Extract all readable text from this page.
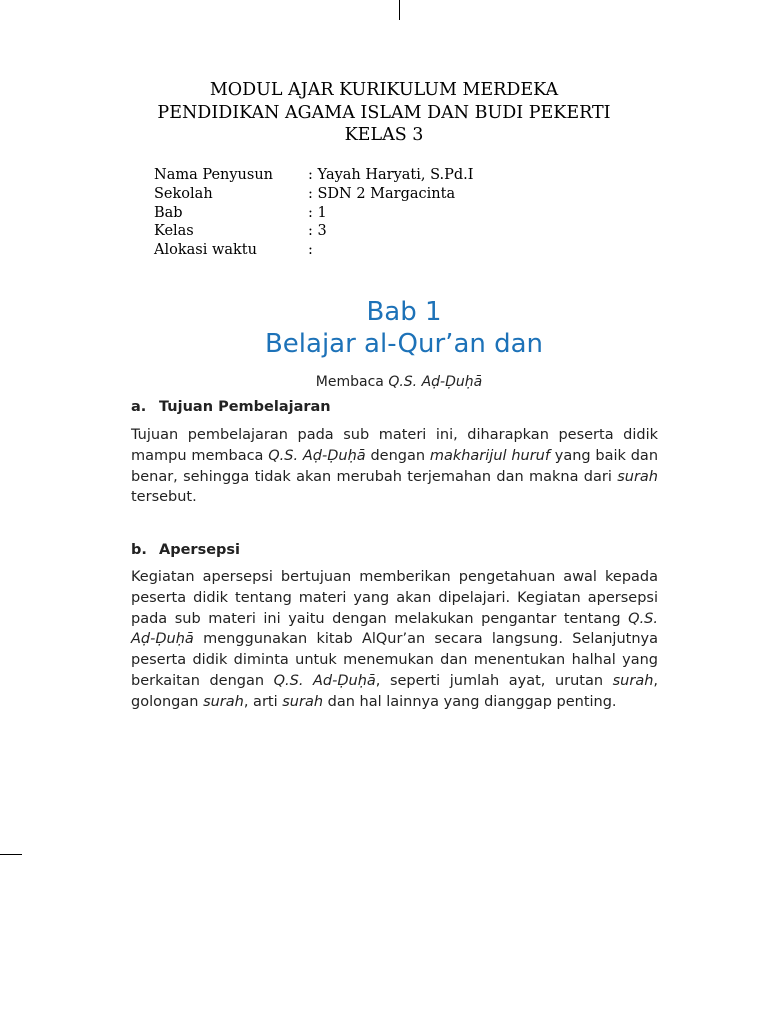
MODUL AJAR KURIKULUM MERDEKA
PENDIDIKAN AGAMA ISLAM DAN BUDI PEKERTI
KELAS 3
Nama Penyusun	: Yayah Haryati, S.Pd.I
Sekolah	: SDN 2 Margacinta
Bab	: 1
Kelas	: 3
Alokasi waktu	:
Bab 1
Belajar al-Qur’an dan
Membaca Q.S. Aḍ-Ḍuḥā
a. Tujuan Pembelajaran
Tujuan pembelajaran pada sub materi ini, diharapkan peserta didik mampu membaca Q.S. Aḍ-Ḍuḥā dengan makharijul huruf yang baik dan benar, sehingga tidak akan merubah terjemahan dan makna dari surah tersebut.
b. Apersepsi
Kegiatan apersepsi bertujuan memberikan pengetahuan awal kepada peserta didik tentang materi yang akan dipelajari. Kegiatan apersepsi pada sub materi ini yaitu dengan melakukan pengantar tentang Q.S. Aḍ-Ḍuḥā menggunakan kitab AlQur’an secara langsung. Selanjutnya peserta didik diminta untuk menemukan dan menentukan halhal yang berkaitan dengan Q.S. Ad-Ḍuḥā, seperti jumlah ayat, urutan surah, golongan surah, arti surah dan hal lainnya yang dianggap penting.
